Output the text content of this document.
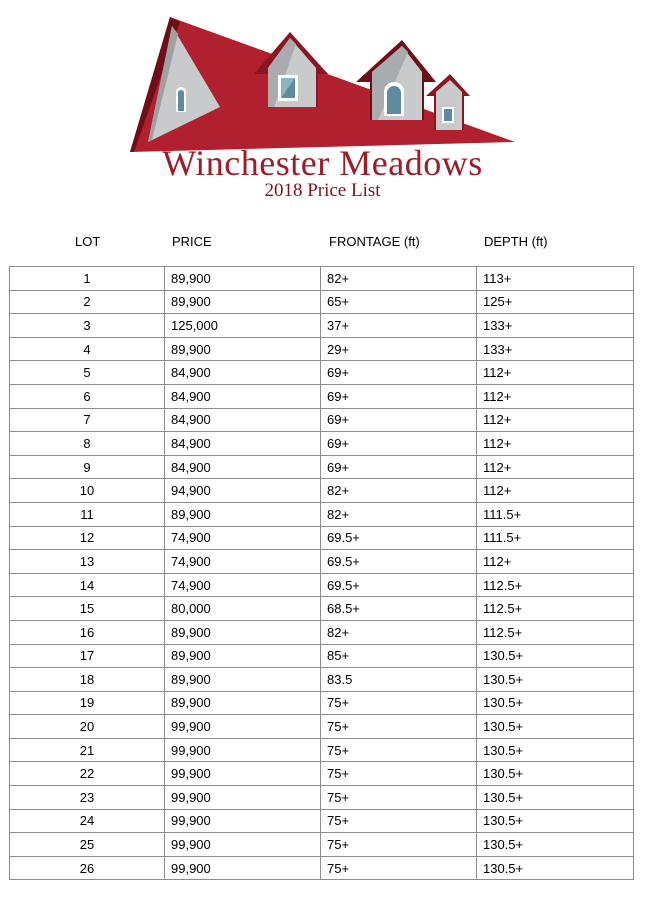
Winchester Meadows
2018 Price List
LOT	PRICE	FRONTAGE (ft)	DEPTH (ft)
1	89,900	82+	113+
2	89,900	65+	125+
3	125,000	37+	133+
4	89,900	29+	133+
5	84,900	69+	112+
6	84,900	69+	112+
7	84,900	69+	112+
8	84,900	69+	112+
9	84,900	69+	112+
10	94,900	82+	112+
11	89,900	82+	111.5+
12	74,900	69.5+	111.5+
13	74,900	69.5+	112+
14	74,900	69.5+	112.5+
15	80,000	68.5+	112.5+
16	89,900	82+	112.5+
17	89,900	85+	130.5+
18	89,900	83.5	130.5+
19	89,900	75+	130.5+
20	99,900	75+	130.5+
21	99,900	75+	130.5+
22	99,900	75+	130.5+
23	99,900	75+	130.5+
24	99,900	75+	130.5+
25	99,900	75+	130.5+
26	99,900	75+	130.5+
